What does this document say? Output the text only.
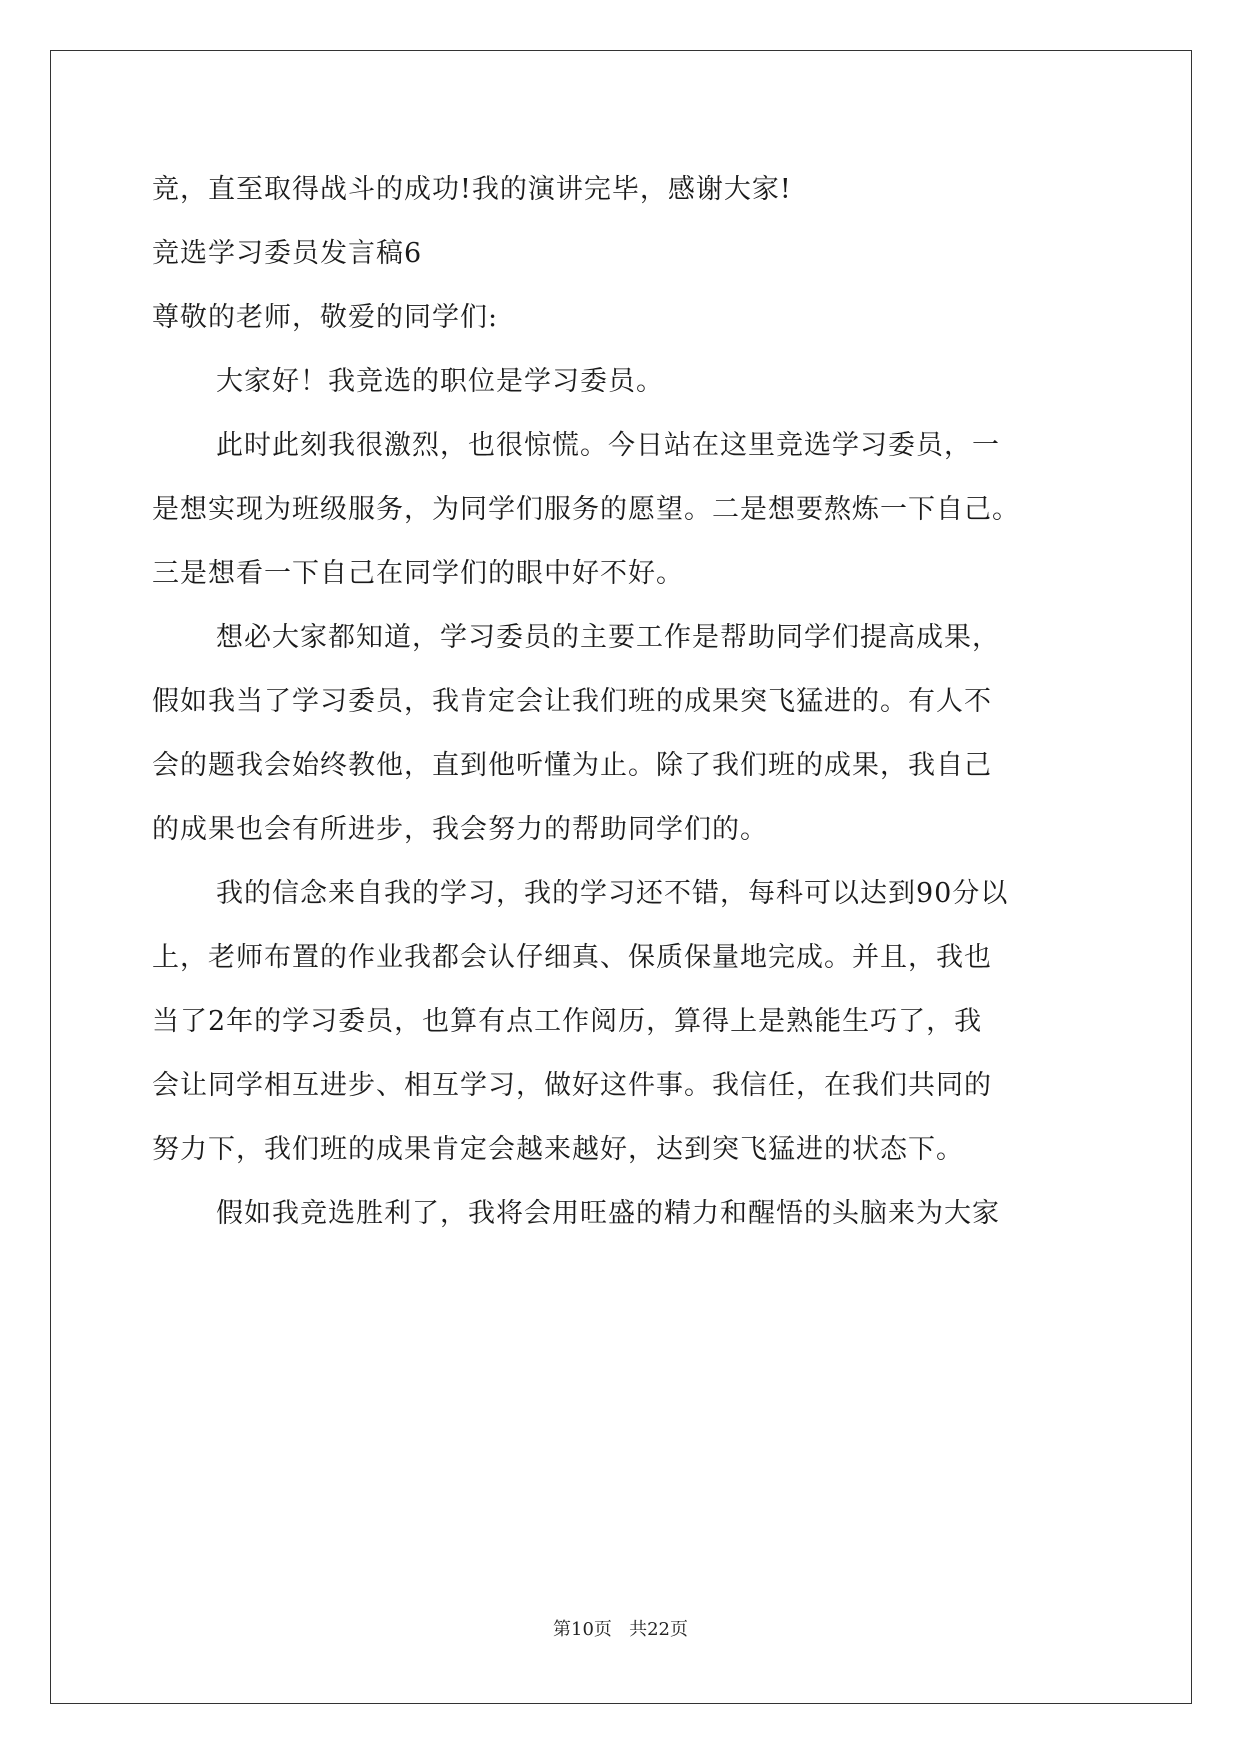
竞，直至取得战斗的成功!我的演讲完毕，感谢大家!
竞选学习委员发言稿6
尊敬的老师，敬爱的同学们:
大家好！我竞选的职位是学习委员。
此时此刻我很激烈，也很惊慌。今日站在这里竞选学习委员，一
是想实现为班级服务，为同学们服务的愿望。二是想要熬炼一下自己。
三是想看一下自己在同学们的眼中好不好。
想必大家都知道，学习委员的主要工作是帮助同学们提高成果，
假如我当了学习委员，我肯定会让我们班的成果突飞猛进的。有人不
会的题我会始终教他，直到他听懂为止。除了我们班的成果，我自己
的成果也会有所进步，我会努力的帮助同学们的。
我的信念来自我的学习，我的学习还不错，每科可以达到90分以
上，老师布置的作业我都会认仔细真、保质保量地完成。并且，我也
当了2年的学习委员，也算有点工作阅历，算得上是熟能生巧了，我
会让同学相互进步、相互学习，做好这件事。我信任，在我们共同的
努力下，我们班的成果肯定会越来越好，达到突飞猛进的状态下。
假如我竞选胜利了，我将会用旺盛的精力和醒悟的头脑来为大家
第10页   共22页
